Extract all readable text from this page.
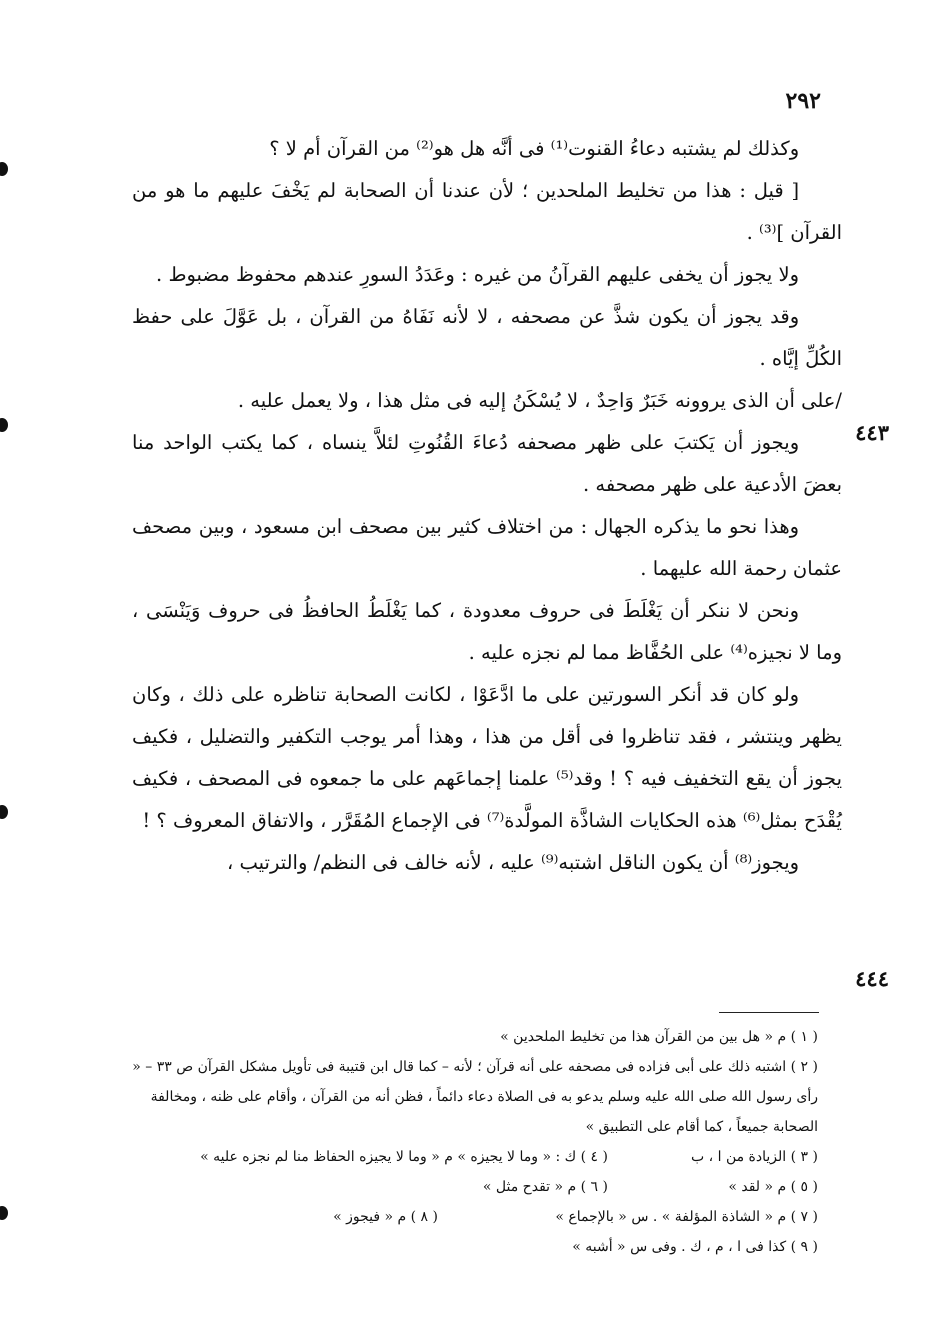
٢٩٢
٤٤٣
٤٤٤

وكذلك لم يشتبه دعاءُ القنوت⁽¹⁾ فى أنَّه هل هو⁽²⁾ من القرآن أم لا ؟

[ قيل : هذا من تخليط الملحدين ؛ لأن عندنا أن الصحابة لم يَخْفَ عليهم ما هو من القرآن ]⁽³⁾ .

ولا يجوز أن يخفى عليهم القرآنُ من غيره : وعَدَدُ السورِ عندهم محفوظ مضبوط .

وقد يجوز أن يكون شذَّ عن مصحفه ، لا لأنه نَفَاهُ من القرآن ، بل عَوَّلَ على حفظ الكُلِّ إيَّاه .

/على أن الذى يروونه خَبَرٌ وَاحِدٌ ، لا يُسْكَنُ إليه فى مثل هذا ، ولا يعمل عليه .

ويجوز أن يَكتبَ على ظهر مصحفه دُعاءَ القُنُوتِ لئلاَّ ينساه ، كما يكتب الواحد منا بعضَ الأدعية على ظهر مصحفه .

وهذا نحو ما يذكره الجهال : من اختلاف كثير بين مصحف ابن مسعود ، وبين مصحف عثمان رحمة الله عليهما .

ونحن لا ننكر أن يَغْلَطَ فى حروف معدودة ، كما يَغْلَطُ الحافظُ فى حروف وَيَنْسَى ، وما لا نجيزه⁽⁴⁾ على الحُفَّاظ مما لم نجزه عليه .

ولو كان قد أنكر السورتين على ما ادَّعَوْا ، لكانت الصحابة تناظره على ذلك ، وكان يظهر وينتشر ، فقد تناظروا فى أقل من هذا ، وهذا أمر يوجب التكفير والتضليل ، فكيف يجوز أن يقع التخفيف فيه ؟ ! وقد⁽⁵⁾ علمنا إجماعَهم على ما جمعوه فى المصحف ، فكيف يُقْدَح بمثل⁽⁶⁾ هذه الحكايات الشاذَّة المولَّدة⁽⁷⁾ فى الإجماع المُقَرَّر ، والاتفاق المعروف ؟ !

ويجوز⁽⁸⁾ أن يكون الناقل اشتبه⁽⁹⁾ عليه ، لأنه خالف فى النظم/ والترتيب ،

( ١ ) م « هل بين من القرآن هذا من تخليط الملحدين »

( ٢ ) اشتبه ذلك على أبى فزاده فى مصحفه على أنه قرآن ؛ لأنه – كما قال ابن قتيبة فى تأويل مشكل القرآن ص ٣٣ – « رأى رسول الله صلى الله عليه وسلم يدعو به فى الصلاة دعاء دائماً ، فظن أنه من القرآن ، وأقام على ظنه ، ومخالفة الصحابة جميعاً ، كما أقام على التطبيق »

( ٣ ) الزيادة من ا ، ب
( ٤ ) ك : « وما لا يجيزه » م « وما لا يجيزه الحفاظ منا لم نجزه عليه »
( ٥ ) م « لقد »
( ٦ ) م « تقدح مثل »
( ٧ ) م « الشاذة المؤلفة » . س « بالإجماع »
( ٨ ) م « فيجوز »

( ٩ ) كذا فى ا ، م ، ك . وفى س « أشبه »
